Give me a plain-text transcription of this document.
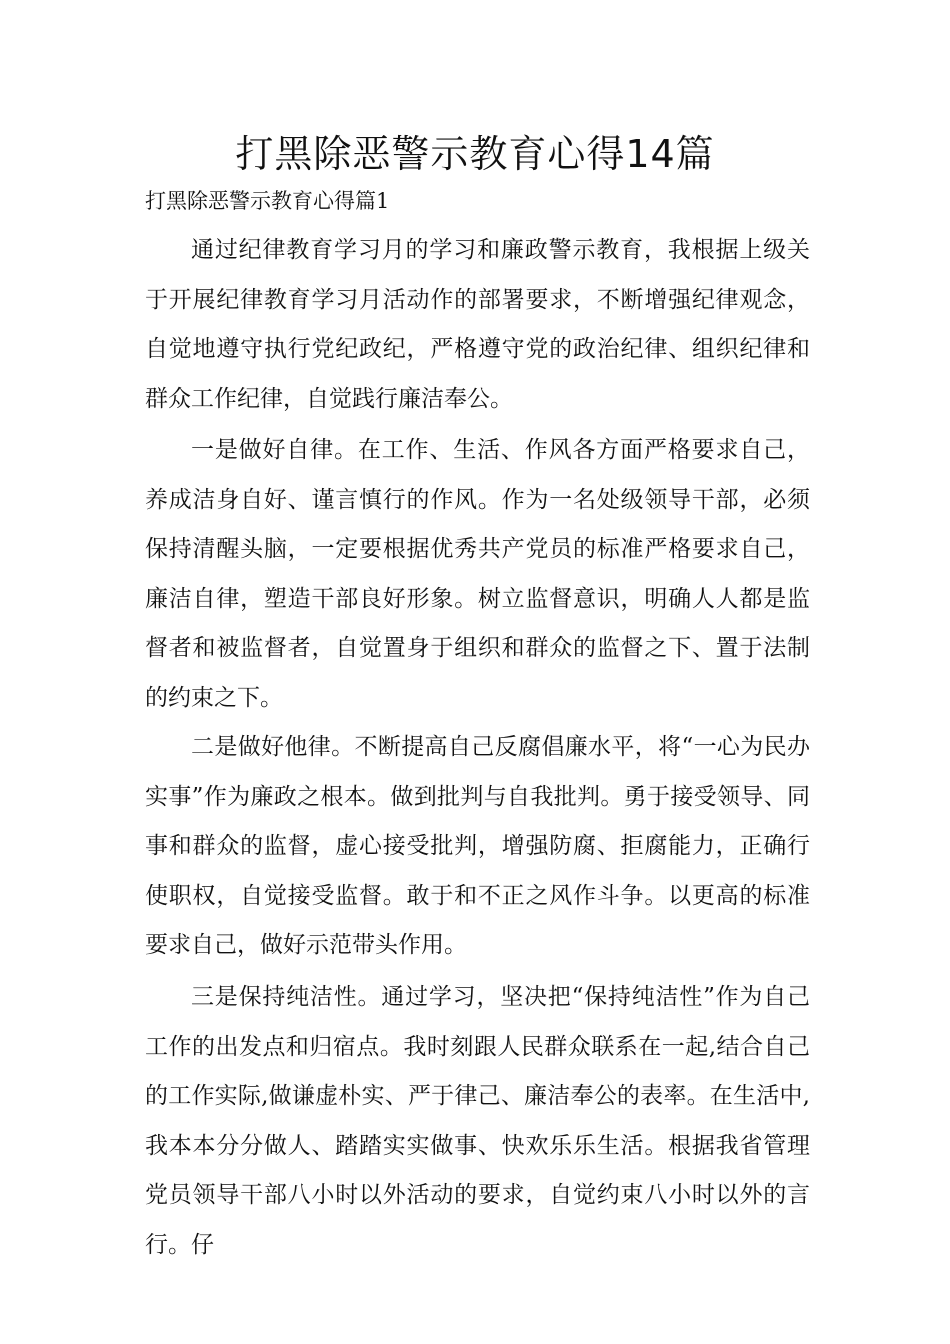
打黑除恶警示教育心得14篇

打黑除恶警示教育心得篇1

通过纪律教育学习月的学习和廉政警示教育，我根据上级关于开展纪律教育学习月活动作的部署要求，不断增强纪律观念，自觉地遵守执行党纪政纪，严格遵守党的政治纪律、组织纪律和群众工作纪律，自觉践行廉洁奉公。

一是做好自律。在工作、生活、作风各方面严格要求自己，养成洁身自好、谨言慎行的作风。作为一名处级领导干部，必须保持清醒头脑，一定要根据优秀共产党员的标准严格要求自己，廉洁自律，塑造干部良好形象。树立监督意识，明确人人都是监督者和被监督者，自觉置身于组织和群众的监督之下、置于法制的约束之下。

二是做好他律。不断提高自己反腐倡廉水平，将“一心为民办实事”作为廉政之根本。做到批判与自我批判。勇于接受领导、同事和群众的监督，虚心接受批判，增强防腐、拒腐能力，正确行使职权，自觉接受监督。敢于和不正之风作斗争。以更高的标准要求自己，做好示范带头作用。

三是保持纯洁性。通过学习，坚决把“保持纯洁性”作为自己工作的出发点和归宿点。我时刻跟人民群众联系在一起,结合自己的工作实际,做谦虚朴实、严于律己、廉洁奉公的表率。在生活中,我本本分分做人、踏踏实实做事、快欢乐乐生活。根据我省管理党员领导干部八小时以外活动的要求，自觉约束八小时以外的言行。仔
